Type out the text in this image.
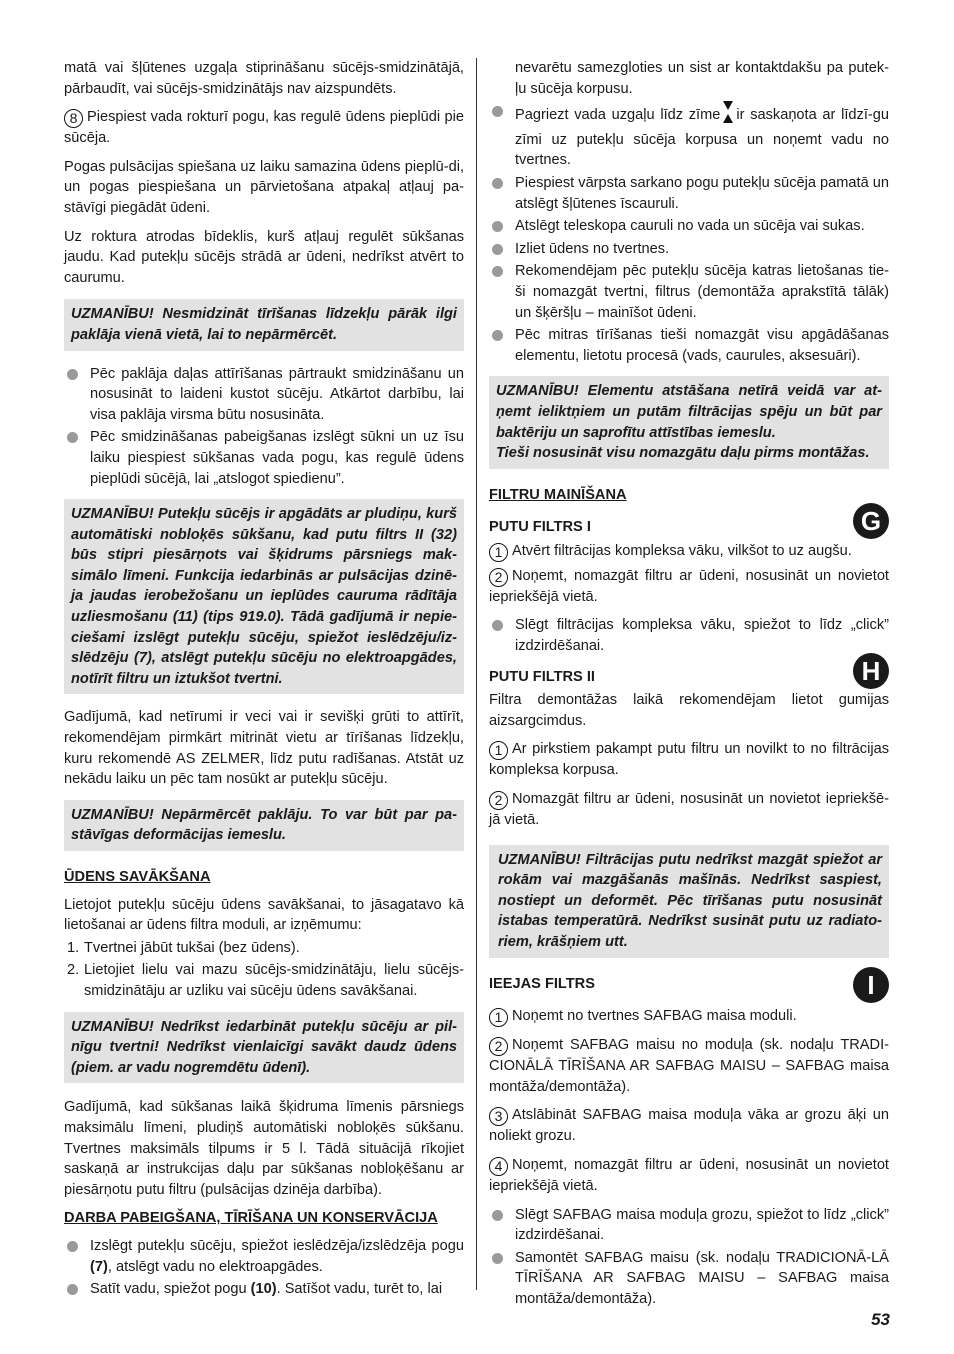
matā vai šļūtenes uzgaļa stiprināšanu sūcējs-smidzinātājā, pārbaudīt, vai sūcējs-smidzinātājs nav aizspundēts.

8 Piespiest vada rokturī pogu, kas regulē ūdens pieplūdi pie sūcēja.

Pogas pulsācijas spiešana uz laiku samazina ūdens pieplū-di, un pogas piespiešana un pārvietošana atpakaļ atļauj pa-stāvīgi piegādāt ūdeni.

Uz roktura atrodas bīdeklis, kurš atļauj regulēt sūkšanas jaudu. Kad putekļu sūcējs strādā ar ūdeni, nedrīkst atvērt to caurumu.

UZMANĪBU! Nesmidzināt tīrīšanas līdzekļu pārāk ilgi paklāja vienā vietā, lai to nepārmērcēt.
Pēc paklāja daļas attīrīšanas pārtraukt smidzināšanu un nosusināt to laideni kustot sūcēju. Atkārtot darbību, lai visa paklāja virsma būtu nosusināta.
Pēc smidzināšanas pabeigšanas izslēgt sūkni un uz īsu laiku piespiest sūkšanas vada pogu, kas regulē ūdens pieplūdi sūcējā, lai „atslogot spiedienu”.
UZMANĪBU! Putekļu sūcējs ir apgādāts ar pludiņu, kurš automātiski nobloķēs sūkšanu, kad putu filtrs II (32) būs stipri piesārņots vai šķidrums pārsniegs mak-simālo līmeni. Funkcija iedarbinās ar pulsācijas dzinē-ja jaudas ierobežošanu un ieplūdes cauruma rādītāja uzliesmošanu (11) (tips 919.0). Tādā gadījumā ir nepie-ciešami izslēgt putekļu sūcēju, spiežot ieslēdzēju/iz-slēdzēju (7), atslēgt putekļu sūcēju no elektroapgādes, notīrīt filtru un iztukšot tvertni.

Gadījumā, kad netīrumi ir veci vai ir sevišķi grūti to attīrīt, rekomendējam pirmkārt mitrināt vietu ar tīrīšanas līdzekļu, kuru rekomendē AS ZELMER, līdz putu radīšanas. Atstāt uz nekādu laiku un pēc tam nosūkt ar putekļu sūcēju.

UZMANĪBU! Nepārmērcēt paklāju. To var būt par pa-stāvīgas deformācijas iemeslu.
ŪDENS SAVĀKŠANA

Lietojot putekļu sūcēju ūdens savākšanai, to jāsagatavo kā lietošanai ar ūdens filtra moduli, ar izņēmumu:

1. Tvertnei jābūt tukšai (bez ūdens).
2. Lietojiet lielu vai mazu sūcējs-smidzinātāju, lielu sūcējs-smidzinātāju ar uzliku vai sūcēju ūdens savākšanai.
UZMANĪBU! Nedrīkst iedarbināt putekļu sūcēju ar pil-nīgu tvertni! Nedrīkst vienlaicīgi savākt daudz ūdens (piem. ar vadu nogremdētu ūdenī).

Gadījumā, kad sūkšanas laikā šķidruma līmenis pārsniegs maksimālu līmeni, pludiņš automātiski nobloķēs sūkšanu. Tvertnes maksimāls tilpums ir 5 l. Tādā situācijā rīkojiet saskaņā ar instrukcijas daļu par sūkšanas nobloķēšanu ar piesārņotu putu filtru (pulsācijas dzinēja darbība).

DARBA PABEIGŠANA, TĪRĪŠANA UN KONSERVĀCIJA
Izslēgt putekļu sūcēju, spiežot ieslēdzēja/izslēdzēja pogu (7), atslēgt vadu no elektroapgādes.
Satīt vadu, spiežot pogu (10). Satīšot vadu, turēt to, lai
nevarētu samezgloties un sist ar kontaktdakšu pa putek-ļu sūcēja korpusu.
Pagriezt vada uzgaļu līdz zīme ir saskaņota ar līdzī-gu zīmi uz putekļu sūcēja korpusa un noņemt vadu no tvertnes.
Piespiest vārpsta sarkano pogu putekļu sūcēja pamatā un atslēgt šļūtenes īscauruli.
Atslēgt teleskopa cauruli no vada un sūcēja vai sukas.
Izliet ūdens no tvertnes.
Rekomendējam pēc putekļu sūcēja katras lietošanas tie-ši nomazgāt tvertni, filtrus (demontāža aprakstītā tālāk) un šķēršļu – mainīšot ūdeni.
Pēc mitras tīrīšanas tieši nomazgāt visu apgādāšanas elementu, lietotu procesā (vads, caurules, aksesuāri).
UZMANĪBU! Elementu atstāšana netīrā veidā var at-ņemt ieliktņiem un putām filtrācijas spēju un būt par baktēriju un saprofītu attīstības iemeslu.
Tieši nosusināt visu nomazgātu daļu pirms montāžas.
FILTRU MAINĪŠANA
PUTU FILTRS I

1 Atvērt filtrācijas kompleksa vāku, vilkšot to uz augšu.

2 Noņemt, nomazgāt filtru ar ūdeni, nosusināt un novietot iepriekšējā vietā.

Slēgt filtrācijas kompleksa vāku, spiežot to līdz „click” izdzirdēšanai.
PUTU FILTRS II

Filtra demontāžas laikā rekomendējam lietot gumijas aizsargcimdus.

1 Ar pirkstiem pakampt putu filtru un novilkt to no filtrācijas kompleksa korpusa.

2 Nomazgāt filtru ar ūdeni, nosusināt un novietot iepriekšē-jā vietā.

UZMANĪBU! Filtrācijas putu nedrīkst mazgāt spiežot ar rokām vai mazgāšanās mašīnās. Nedrīkst saspiest, nostiept un deformēt. Pēc tīrīšanas putu nosusināt istabas temperatūrā. Nedrīkst susināt putu uz radiato-riem, krāšņiem utt.
IEEJAS FILTRS

1 Noņemt no tvertnes SAFBAG maisa moduli.

2 Noņemt SAFBAG maisu no moduļa (sk. nodaļu TRADI-CIONĀLĀ TĪRĪŠANA AR SAFBAG MAISU – SAFBAG maisa montāža/demontāža).

3 Atslābināt SAFBAG maisa moduļa vāka ar grozu āķi un noliekt grozu.

4 Noņemt, nomazgāt filtru ar ūdeni, nosusināt un novietot iepriekšējā vietā.

Slēgt SAFBAG maisa moduļa grozu, spiežot to līdz „click” izdzirdēšanai.
Samontēt SAFBAG maisu (sk. nodaļu TRADICIONĀ-LĀ TĪRĪŠANA AR SAFBAG MAISU – SAFBAG maisa montāža/demontāža).
G
H
I
53
